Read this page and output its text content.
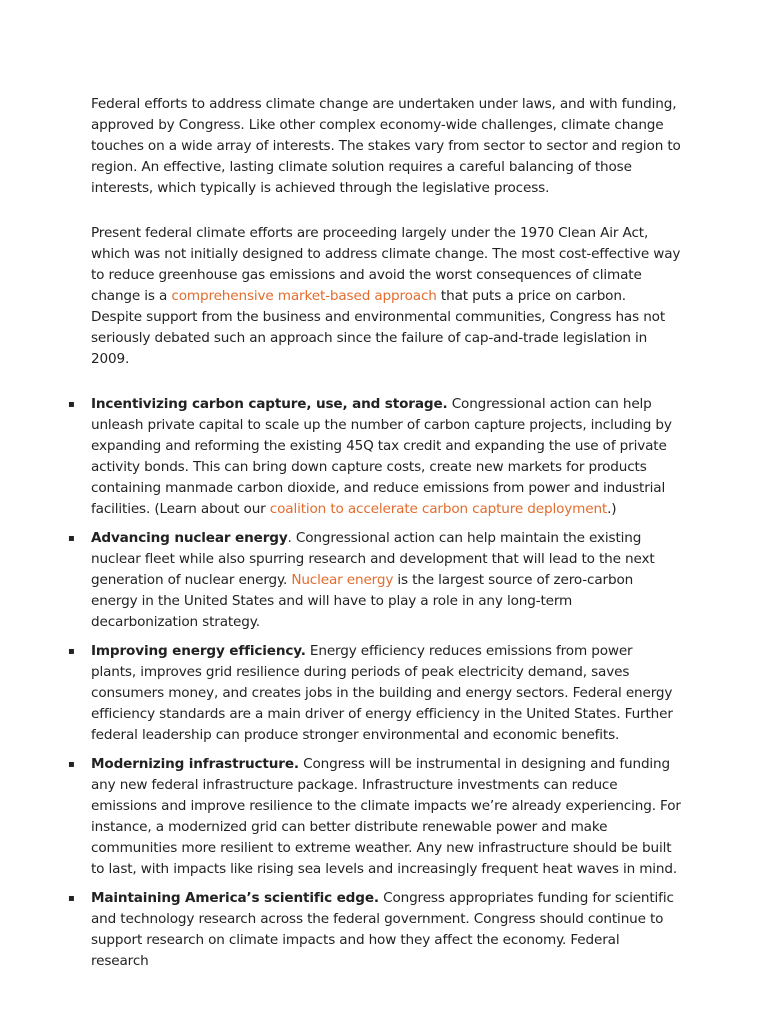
Federal efforts to address climate change are undertaken under laws, and with funding, approved by Congress. Like other complex economy-wide challenges, climate change touches on a wide array of interests. The stakes vary from sector to sector and region to region. An effective, lasting climate solution requires a careful balancing of those interests, which typically is achieved through the legislative process.

Present federal climate efforts are proceeding largely under the 1970 Clean Air Act, which was not initially designed to address climate change. The most cost-effective way to reduce greenhouse gas emissions and avoid the worst consequences of climate change is a comprehensive market-based approach that puts a price on carbon. Despite support from the business and environmental communities, Congress has not seriously debated such an approach since the failure of cap-and-trade legislation in 2009.

▪ Incentivizing carbon capture, use, and storage. Congressional action can help unleash private capital to scale up the number of carbon capture projects, including by expanding and reforming the existing 45Q tax credit and expanding the use of private activity bonds. This can bring down capture costs, create new markets for products containing manmade carbon dioxide, and reduce emissions from power and industrial facilities. (Learn about our coalition to accelerate carbon capture deployment.)
▪ Advancing nuclear energy. Congressional action can help maintain the existing nuclear fleet while also spurring research and development that will lead to the next generation of nuclear energy. Nuclear energy is the largest source of zero-carbon energy in the United States and will have to play a role in any long-term decarbonization strategy.
▪ Improving energy efficiency. Energy efficiency reduces emissions from power plants, improves grid resilience during periods of peak electricity demand, saves consumers money, and creates jobs in the building and energy sectors. Federal energy efficiency standards are a main driver of energy efficiency in the United States. Further federal leadership can produce stronger environmental and economic benefits.
▪ Modernizing infrastructure. Congress will be instrumental in designing and funding any new federal infrastructure package. Infrastructure investments can reduce emissions and improve resilience to the climate impacts we’re already experiencing. For instance, a modernized grid can better distribute renewable power and make communities more resilient to extreme weather. Any new infrastructure should be built to last, with impacts like rising sea levels and increasingly frequent heat waves in mind.
▪ Maintaining America’s scientific edge. Congress appropriates funding for scientific and technology research across the federal government. Congress should continue to support research on climate impacts and how they affect the economy. Federal research
